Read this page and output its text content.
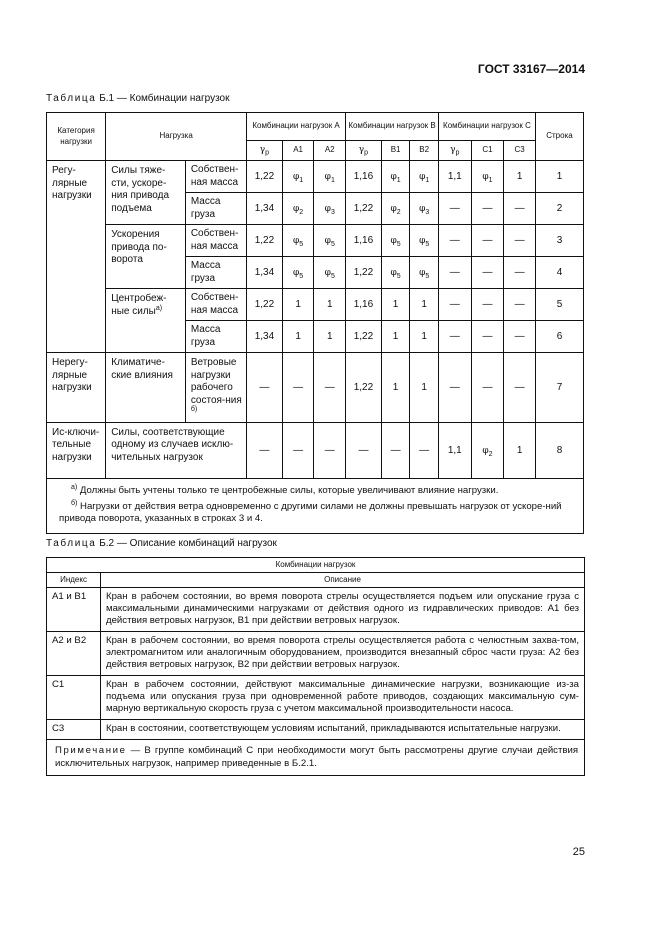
ГОСТ 33167—2014
Таблица Б.1 — Комбинации нагрузок
Категория нагрузки	Нагрузка		Комбинации нагрузок А			Комбинации нагрузок В			Комбинации нагрузок С			Строка
			$\gamma_p$	А1	А2	$\gamma_p$	В1	В2	$\gamma_p$	С1	С3	
Регу-лярные нагрузки	Силы тяже-сти, ускоре-ния привода подъема	Собствен-ная масса	1,22	$\varphi_1$	$\varphi_1$	1,16	$\varphi_1$	$\varphi_1$	1,1	$\varphi_1$	1	1
		Масса груза	1,34	$\varphi_2$	$\varphi_3$	1,22	$\varphi_2$	$\varphi_3$	—	—	—	2
	Ускорения привода по-ворота	Собствен-ная масса	1,22	$\varphi_5$	$\varphi_5$	1,16	$\varphi_5$	$\varphi_5$	—	—	—	3
		Масса груза	1,34	$\varphi_5$	$\varphi_5$	1,22	$\varphi_5$	$\varphi_5$	—	—	—	4
	Центробеж-ные силы$^{а)}$	Собствен-ная масса	1,22	1	1	1,16	1	1	—	—	—	5
		Масса груза	1,34	1	1	1,22	1	1	—	—	—	6
Нерегу-лярные нагрузки	Климатиче-ские влияния	Ветровые нагрузки рабочего состоя-ния $^{б)}$	—	—	—	1,22	1	1	—	—	—	7
Ис-ключи-тельные нагрузки	Силы, соответствующие одному из случаев исклю-чительных нагрузок		—	—	—	—	—	—	1,1	$\varphi_2$	1	8

$^{а)}$ Должны быть учтены только те центробежные силы, которые увеличивают влияние нагрузки.

$^{б)}$ Нагрузки от действия ветра одновременно с другими силами не должны превышать нагрузок от ускоре-ний привода поворота, указанных в строках 3 и 4.												

Таблица Б.2 — Описание комбинаций нагрузок
Комбинации нагрузок	
Индекс	Описание
А1 и В1	Кран в рабочем состоянии, во время поворота стрелы осуществляется подъем или опускание груза с максимальными динамическими нагрузками от действия одного из гидравлических приводов: А1 без действия ветровых нагрузок, В1 при действии ветровых нагрузок.
А2 и В2	Кран в рабочем состоянии, во время поворота стрелы осуществляется работа с челюстным захва-том, электромагнитом или аналогичным оборудованием, производится внезапный сброс части груза: А2 без действия ветровых нагрузок, В2 при действии ветровых нагрузок.
С1	Кран в рабочем состоянии, действуют максимальные динамические нагрузки, возникающие из-за подъема или опускания груза при одновременной работе приводов, создающих максимальную сум-марную вертикальную скорость груза с учетом максимальной производительности насоса.
С3	Кран в состоянии, соответствующем условиям испытаний, прикладываются испытательные нагрузки.
Примечание — В группе комбинаций С при необходимости могут быть рассмотрены другие случаи действия исключительных нагрузок, например приведенные в Б.2.1.	
25
